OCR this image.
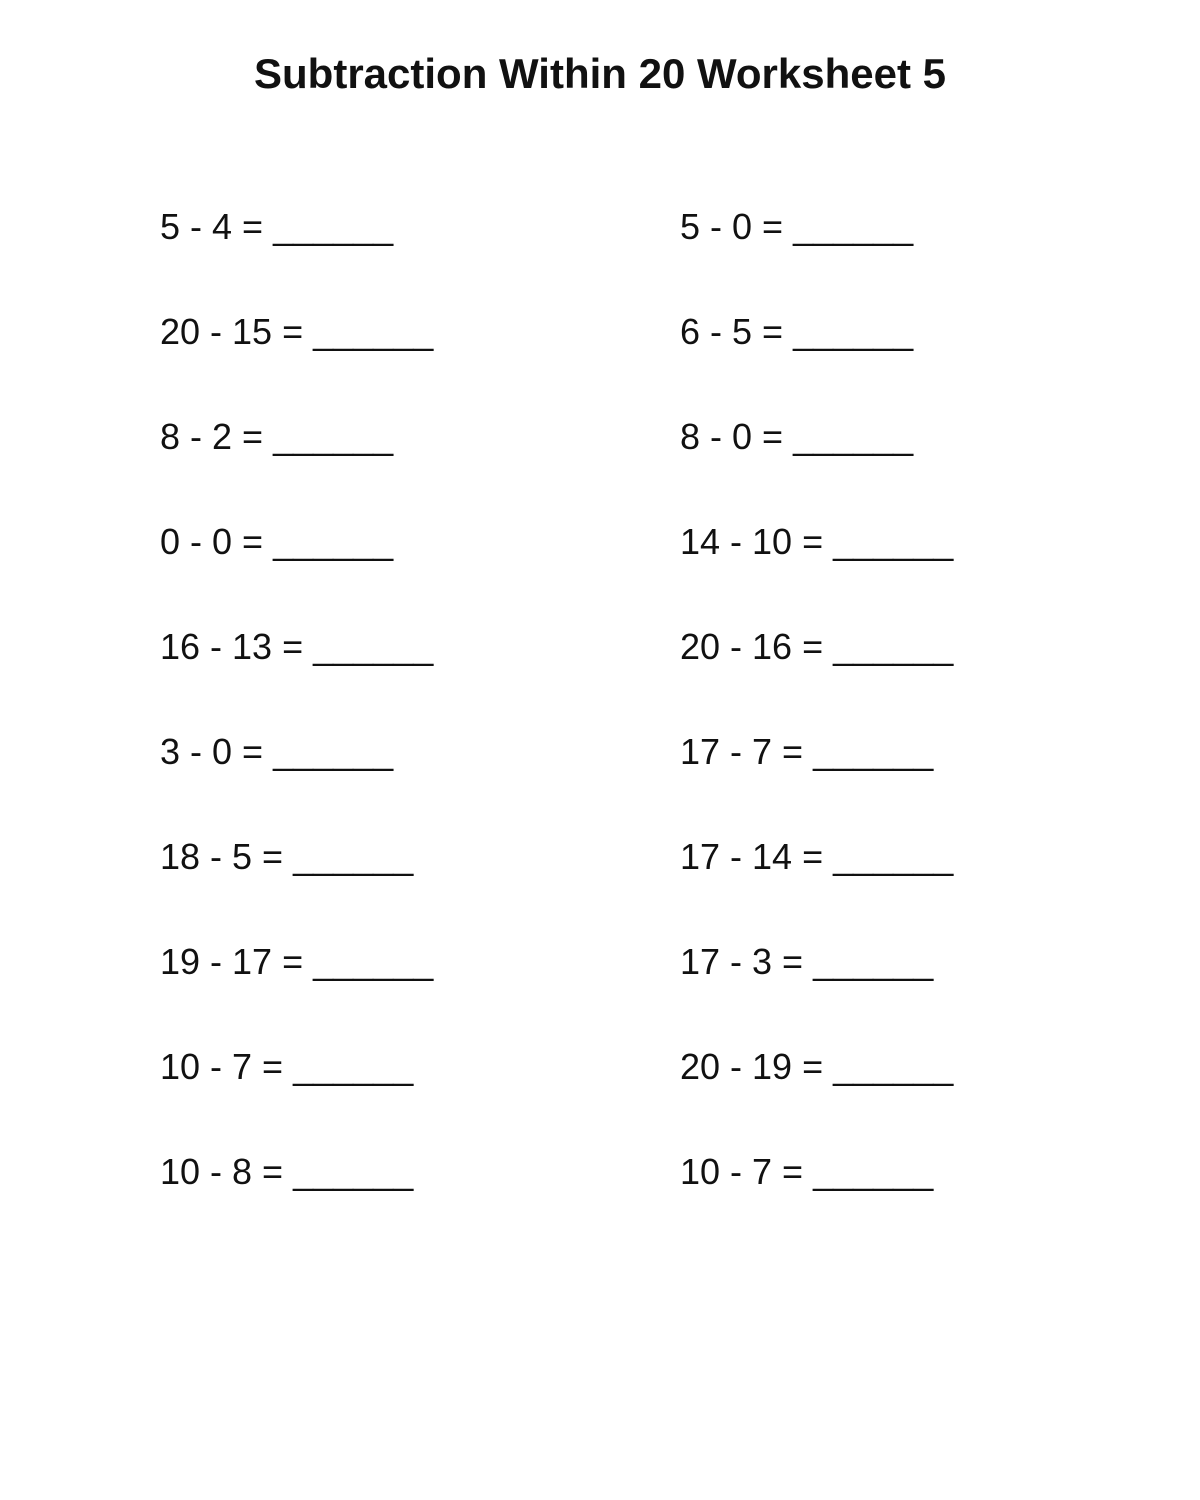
Subtraction Within 20 Worksheet 5
5 - 4 = ______	5 - 0 = ______
20 - 15 = ______	6 - 5 = ______
8 - 2 = ______	8 - 0 = ______
0 - 0 = ______	14 - 10 = ______
16 - 13 = ______	20 - 16 = ______
3 - 0 = ______	17 - 7 = ______
18 - 5 = ______	17 - 14 = ______
19 - 17 = ______	17 - 3 = ______
10 - 7 = ______	20 - 19 = ______
10 - 8 = ______	10 - 7 = ______
